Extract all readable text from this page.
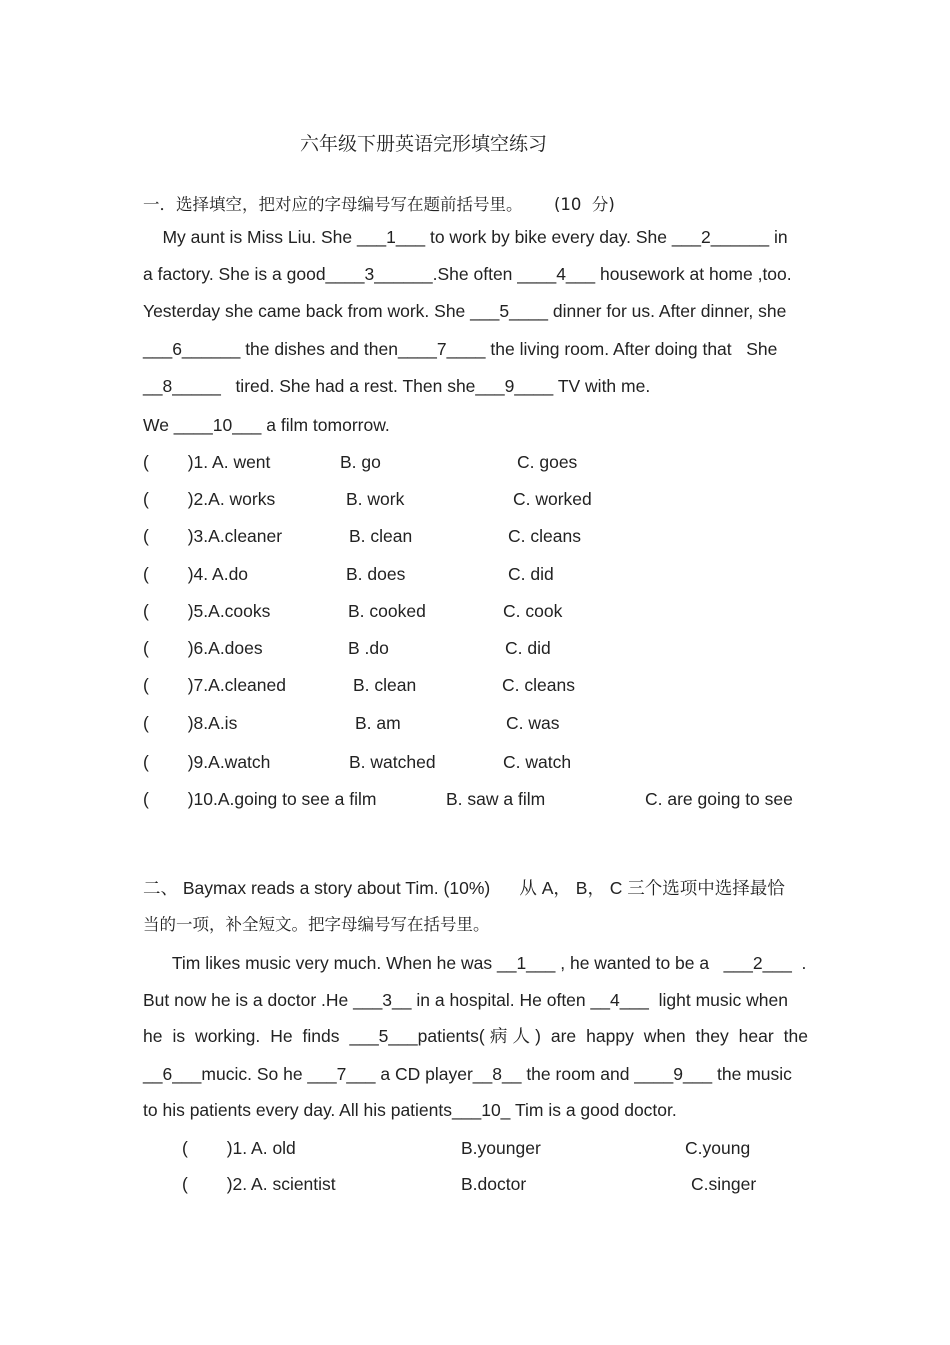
六年级下册英语完形填空练习
一．选择填空，把对应的字母编号写在题前括号里。      (10  分)
My aunt is Miss Liu. She ___1___ to work by bike every day. She ___2______ in
a factory. She is a good____3______.She often ____4___ housework at home ,too.
Yesterday she came back from work. She ___5____ dinner for us. After dinner, she
___6______ the dishes and then____7____ the living room. After doing that   She
__8_____   tired. She had a rest. Then she___9____ TV with me.
We ____10___ a film tomorrow.
(        )1. A. went	B. go	C. goes
(        )2.A. works	B. work	C. worked
(        )3.A.cleaner	B. clean	C. cleans
(        )4. A.do	B. does	C. did
(        )5.A.cooks	B. cooked	C. cook
(        )6.A.does	B .do	C. did
(        )7.A.cleaned	B. clean	C. cleans
(        )8.A.is	B. am	C. was
(        )9.A.watch	B. watched	C. watch
(        )10.A.going to see a film	B. saw a film	C. are going to see
二、 Baymax reads a story about Tim. (10%)      从 A， B， C 三个选项中选择最恰
当的一项，补全短文。把字母编号写在括号里。
Tim likes music very much. When he was __1___ , he wanted to be a   ___2___  .
But now he is a doctor .He ___3__ in a hospital. He often __4___  light music when
he is working. He finds ___5___patients(病人) are happy when they hear the
__6___mucic. So he ___7___ a CD player__8__ the room and ____9___ the music
to his patients every day. All his patients___10_ Tim is a good doctor.
(        )1. A. old	B.younger	C.young
(        )2. A. scientist	B.doctor	C.singer
